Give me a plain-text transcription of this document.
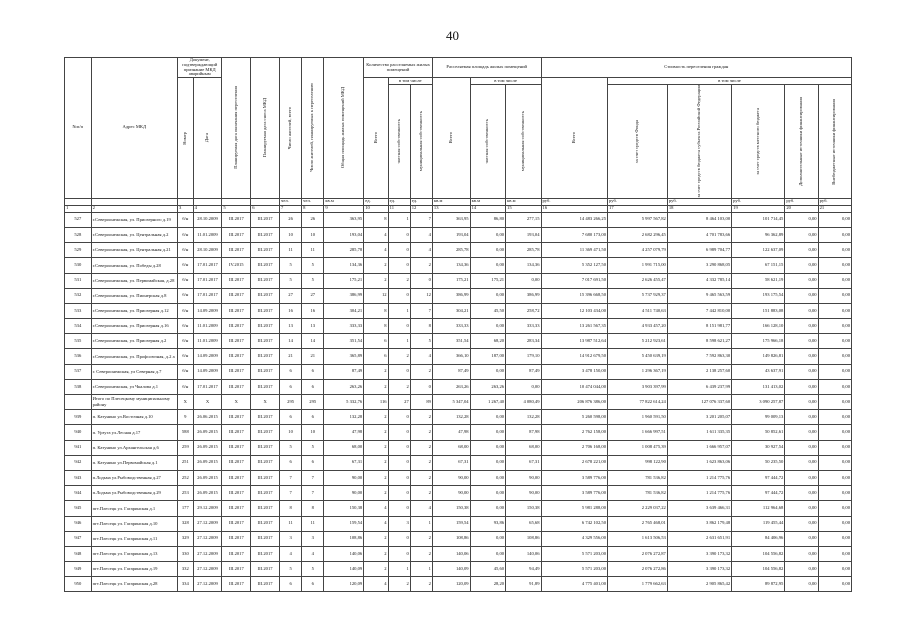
40
№п/п	Адрес МКД	Документ, подтверждающий признание МКД аварийным		Планируемая дата окончания переселения	Планируемая дата сноса МКД	Число жителей, всего	Число жителей, планируемых к переселению	Общая площадь жилых помещений МКД	Количество расселяемых жилых помещений			Расселяемая площадь жилых помещений			Стоимость переселения граждан					

		Номер	Дата						Всего	в том числе		Всего	в том числе		Всего	в том числе				

										частная собственность	муниципальная собственность		частная собственность	муниципальная собственность		за счет средств Фонда	за счет средств бюджета субъекта Российской Федерации	за счет средств местного бюджета	Дополнительные источники финансирования	Внебюджетные источники финансирования

						чел.	чел.	кв.м	ед.	ед.	ед.	кв.м	кв.м	кв.м	руб.	руб.	руб.	руб.	руб.	руб.
1	2	3	4	5	6	7	8	9	10	11	12	13	14	15	16	17	18	19	20	21
527	г.Североонежская, ул. Приозерного д.19	б/н	28.10.2009	III.2017	III.2017	26	26	363,95	8	1	7	363,95	86,80	277,15	14 483 266,25	5 997 567,82	8 464 103,00	101 714,45	0,00	0,00
528	г.Североонежская, ул. Центральная д.2	б/н	11.01.2009	III.2017	III.2017	10	10	193,04	4	0	4	193,04	0,00	193,04	7 680 173,00	2 682 296,45	4 701 783,66	96 362,89	0,00	0,00
529	г.Североонежская, ул. Центральная д.21	б/н	28.10.2009	III.2017	III.2017	11	11	285,78	4	0	4	285,78	0,00	285,78	11 369 471,50	4 257 079,79	6 989 704,77	122 637,09	0,00	0,00
530	г.Североонежская, ул. Победы д.28	б/н	17.01.2017	IV.2015	III.2017	5	5	134,36	2	0	2	134,36	0,00	134,36	5 352 127,50	1 991 715,00	3 290 868,05	67 151,15	0,00	0,00
531	г.Североонежская, ул. Первомайская, д.28	б/н	17.01.2017	III.2017	III.2017	5	5	175,21	2	2	0	175,21	175,21	0,00	7 017 691,50	2 626 455,47	4 332 785,14	58 621,19	0,00	0,00
532	г.Североонежская, ул. Пионерская д.8	б/н	17.01.2017	III.2017	III.2017	27	27	386,99	12	0	12	386,99	0,00	386,99	15 396 668,50	5 737 929,37	9 465 563,59	193 175,54	0,00	0,00
533	г.Североонежская, ул. Приозерная д.12	б/н	14.09.2009	III.2017	III.2017	16	16	304,21	8	1	7	304,21	45,50	258,72	12 103 434,00	4 511 740,63	7 442 810,00	151 883,08	0,00	0,00
534	г.Североонежская, ул. Приозерная д.16	б/н	11.01.2009	III.2017	III.2017	13	13	333,33	8	0	8	333,33	0,00	333,33	13 261 567,35	4 933 457,20	8 151 981,77	166 128,10	0,00	0,00
535	г.Североонежская, ул. Приозерная д.2	б/н	11.01.2009	III.2017	III.2017	14	14	351,54	6	1	5	351,54	68,20	283,34	13 987 512,64	5 212 923,61	8 598 621,27	175 966,18	0,00	0,00
536	г.Североонежская, ул. Профсоюзная, д.2 а	б/н	14.09.2009	III.2017	III.2017	21	21	365,89	6	2	4	366,10	187,00	179,10	14 912 679,50	5 450 639,19	7 592 863,30	149 826,81	0,00	0,00
537	г. Североонежская, ул Северная д.7	б/н	14.09.2009	III.2017	III.2017	6	6	87,49	2	0	2	87,49	0,00	87,49	3 478 150,00	1 296 367,19	2 138 257,60	43 637,91	0,00	0,00
538	г.Североонежская, ул Чкалова д.1	б/н	17.01.2017	III.2017	III.2017	6	6	263,26	2	2	0	263,26	263,26	0,00	10 474 044,00	3 903 397,99	6 439 237,99	131 413,02	0,00	0,00
	Итого по Плесецкому муниципальному району	X	X	X	X	295	295	5 332,76	116	27	89	5 347,04	1 267,40	4 080,49	206 876 386,00	77 822 614,24	127 076 337,60	3 090 257,87	0,00	0,00
939	п. Катунино ул.Восточная д.10	9	26.06.2015	III.2017	III.2017	6	6	132,28	2	0	2	132,28	0,00	132,28	5 260 598,00	1 960 591,50	3 201 205,07	99 009,13	0,00	0,00
940	п. Урзуга ул.Лесная д.17	588	26.09.2015	III.2017	III.2017	10	10	47,98	2	0	2	47,98	0,00	87,98	2 762 158,00	1 666 997,51	1 611 335,35	50 852,61	0,00	0,00
941	п. Катунино ул.Архангельская д.6	259	26.09.2015	III.2017	III.2017	5	5	68,00	2	0	2	68,00	0,00	68,00	2 706 168,00	1 008 475,39	1 666 957,07	30 927,54	0,00	0,00
942	п. Катунино ул.Первомайская д.1	251	26.09.2015	III.2017	III.2017	6	6	67,31	2	0	2	67,31	0,00	67,31	2 678 221,00	998 122,90	1 623 863,06	50 235,50	0,00	0,00
943	п.Лодьма ул.Рыбоводственная д.27	252	26.09.2015	III.2017	III.2017	7	7	90,00	2	0	2	90,00	0,00	90,00	3 589 776,00	781 536,82	1 214 775,76	97 444,72	0,00	0,00
944	п.Лодьма ул.Рыбоводственная д.29	253	26.09.2015	III.2017	III.2017	7	7	90,00	2	0	2	90,00	0,00	90,00	3 589 776,00	781 536,82	1 214 775,76	97 444,72	0,00	0,00
945	пгт.Плесецк ул. Гагаринская д.1	177	29.12.2009	III.2017	III.2017	8	8	150,38	4	0	4	150,38	0,00	150,38	5 981 288,00	2 229 037,22	3 639 466,31	112 964,68	0,00	0,00
946	пгт.Плесецк ул. Гагаринская д.10	328	27.12.2009	III.2017	III.2017	11	11	159,54	4	3	1	159,54	93,86	65,68	6 742 102,50	2 765 468,01	3 862 179,48	119 455,44	0,00	0,00
947	пгт.Плесецк ул. Гагаринская д.11	329	27.12.2009	III.2017	III.2017	3	3	108,86	2	0	2	108,86	0,00	108,86	4 329 556,00	1 613 506,53	2 631 651,91	84 406,96	0,00	0,00
948	пгт.Плесецк ул. Гагаринская д.13	330	27.12.2009	III.2017	III.2017	4	4	140,06	2	0	2	140,06	0,00	140,06	5 571 203,00	2 076 272,87	3 390 173,32	104 556,82	0,00	0,00
949	пгт.Плесецк ул. Гагаринская д.19	332	27.12.2009	III.2017	III.2017	5	5	140,09	2	1	1	140,09	45,60	94,49	5 571 203,00	2 076 272,86	3 390 173,32	104 556,82	0,00	0,00
950	пгт.Плесецк ул. Гагаринская д.28	334	27.12.2009	III.2017	III.2017	6	6	120,09	4	2	2	120,09	28,20	91,89	4 775 401,00	1 779 662,63	2 905 865,42	89 872,95	0,00	0,00
